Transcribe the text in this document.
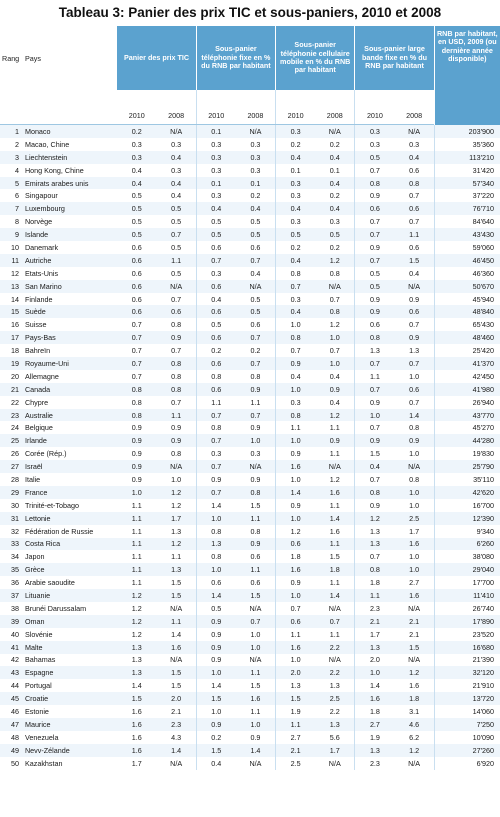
Tableau 3: Panier des prix TIC et sous-paniers, 2010 et 2008
Rang	Pays	Panier des prix TIC		Sous-panier téléphonie fixe en % du RNB par habitant		Sous-panier téléphonie cellulaire mobile en % du RNB par habitant		Sous-panier large bande fixe en % du RNB par habitant		RNB par habitant, en USD, 2009 (ou dernière année disponible)
		2010	2008	2010	2008	2010	2008	2010	2008	
1	Monaco	0.2	N/A	0.1	N/A	0.3	N/A	0.3	N/A	203'900
2	Macao, Chine	0.3	0.3	0.3	0.3	0.2	0.2	0.3	0.3	35'360
3	Liechtenstein	0.3	0.4	0.3	0.3	0.4	0.4	0.5	0.4	113'210
4	Hong Kong, Chine	0.4	0.3	0.3	0.3	0.1	0.1	0.7	0.6	31'420
5	Emirats arabes unis	0.4	0.4	0.1	0.1	0.3	0.4	0.8	0.8	57'340
6	Singapour	0.5	0.4	0.3	0.2	0.3	0.2	0.9	0.7	37'220
7	Luxembourg	0.5	0.5	0.4	0.4	0.4	0.4	0.6	0.6	76'710
8	Norvège	0.5	0.5	0.5	0.5	0.3	0.3	0.7	0.7	84'640
9	Islande	0.5	0.7	0.5	0.5	0.5	0.5	0.7	1.1	43'430
10	Danemark	0.6	0.5	0.6	0.6	0.2	0.2	0.9	0.6	59'060
11	Autriche	0.6	1.1	0.7	0.7	0.4	1.2	0.7	1.5	46'450
12	Etats-Unis	0.6	0.5	0.3	0.4	0.8	0.8	0.5	0.4	46'360
13	San Marino	0.6	N/A	0.6	N/A	0.7	N/A	0.5	N/A	50'670
14	Finlande	0.6	0.7	0.4	0.5	0.3	0.7	0.9	0.9	45'940
15	Suède	0.6	0.6	0.6	0.5	0.4	0.8	0.9	0.6	48'840
16	Suisse	0.7	0.8	0.5	0.6	1.0	1.2	0.6	0.7	65'430
17	Pays-Bas	0.7	0.9	0.6	0.7	0.8	1.0	0.8	0.9	48'460
18	Bahreïn	0.7	0.7	0.2	0.2	0.7	0.7	1.3	1.3	25'420
19	Royaume-Uni	0.7	0.8	0.6	0.7	0.9	1.0	0.7	0.7	41'370
20	Allemagne	0.7	0.8	0.8	0.8	0.4	0.4	1.1	1.0	42'450
21	Canada	0.8	0.8	0.6	0.9	1.0	0.9	0.7	0.6	41'980
22	Chypre	0.8	0.7	1.1	1.1	0.3	0.4	0.9	0.7	26'940
23	Australie	0.8	1.1	0.7	0.7	0.8	1.2	1.0	1.4	43'770
24	Belgique	0.9	0.9	0.8	0.9	1.1	1.1	0.7	0.8	45'270
25	Irlande	0.9	0.9	0.7	1.0	1.0	0.9	0.9	0.9	44'280
26	Corée (Rép.)	0.9	0.8	0.3	0.3	0.9	1.1	1.5	1.0	19'830
27	Israël	0.9	N/A	0.7	N/A	1.6	N/A	0.4	N/A	25'790
28	Italie	0.9	1.0	0.9	0.9	1.0	1.2	0.7	0.8	35'110
29	France	1.0	1.2	0.7	0.8	1.4	1.6	0.8	1.0	42'620
30	Trinité-et-Tobago	1.1	1.2	1.4	1.5	0.9	1.1	0.9	1.0	16'700
31	Lettonie	1.1	1.7	1.0	1.1	1.0	1.4	1.2	2.5	12'390
32	Fédération de Russie	1.1	1.3	0.8	0.8	1.2	1.6	1.3	1.7	9'340
33	Costa Rica	1.1	1.2	1.3	0.9	0.6	1.1	1.3	1.6	6'260
34	Japon	1.1	1.1	0.8	0.6	1.8	1.5	0.7	1.0	38'080
35	Grèce	1.1	1.3	1.0	1.1	1.6	1.8	0.8	1.0	29'040
36	Arabie saoudite	1.1	1.5	0.6	0.6	0.9	1.1	1.8	2.7	17'700
37	Lituanie	1.2	1.5	1.4	1.5	1.0	1.4	1.1	1.6	11'410
38	Brunéi Darussalam	1.2	N/A	0.5	N/A	0.7	N/A	2.3	N/A	26'740
39	Oman	1.2	1.1	0.9	0.7	0.6	0.7	2.1	2.1	17'890
40	Slovénie	1.2	1.4	0.9	1.0	1.1	1.1	1.7	2.1	23'520
41	Malte	1.3	1.6	0.9	1.0	1.6	2.2	1.3	1.5	16'680
42	Bahamas	1.3	N/A	0.9	N/A	1.0	N/A	2.0	N/A	21'390
43	Espagne	1.3	1.5	1.0	1.1	2.0	2.2	1.0	1.2	32'120
44	Portugal	1.4	1.5	1.4	1.5	1.3	1.3	1.4	1.6	21'910
45	Croatie	1.5	2.0	1.5	1.6	1.5	2.5	1.6	1.8	13'720
46	Estonie	1.6	2.1	1.0	1.1	1.9	2.2	1.8	3.1	14'060
47	Maurice	1.6	2.3	0.9	1.0	1.1	1.3	2.7	4.6	7'250
48	Venezuela	1.6	4.3	0.2	0.9	2.7	5.6	1.9	6.2	10'090
49	Nevv-Zélande	1.6	1.4	1.5	1.4	2.1	1.7	1.3	1.2	27'260
50	Kazakhstan	1.7	N/A	0.4	N/A	2.5	N/A	2.3	N/A	6'920
